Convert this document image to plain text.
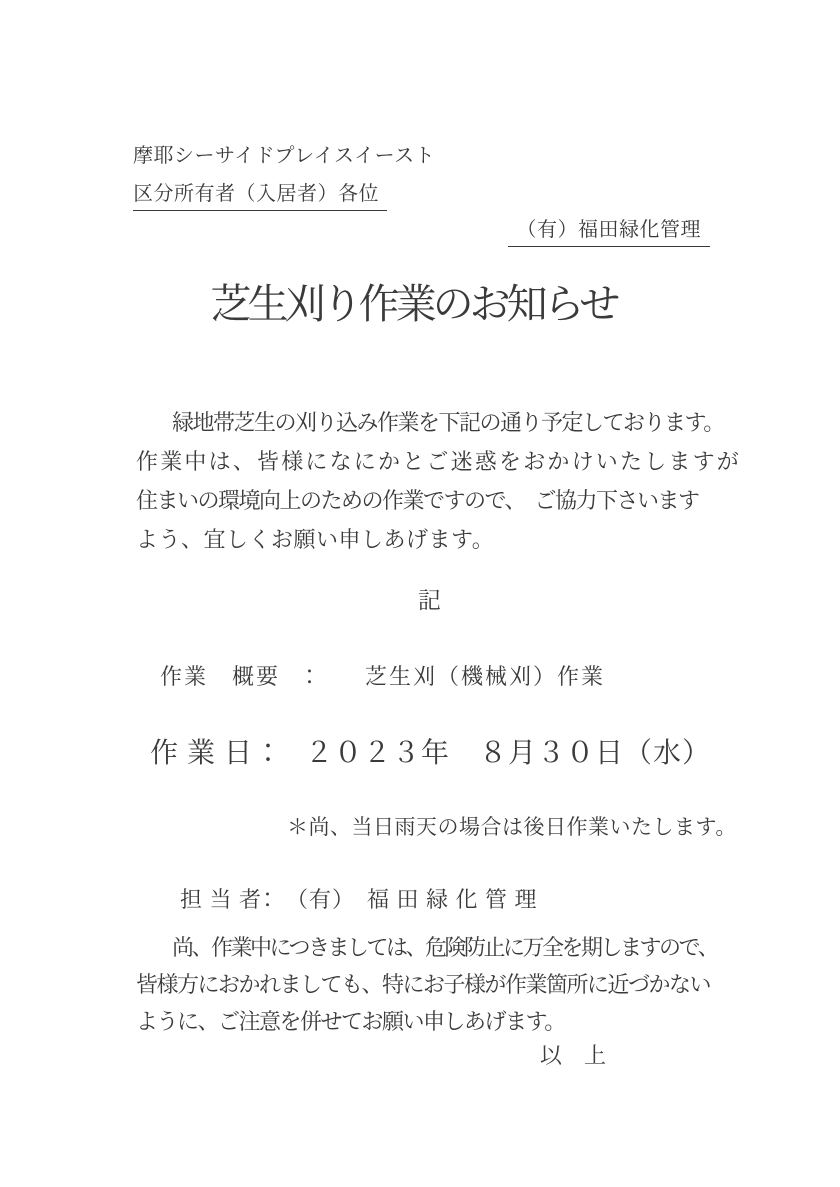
摩耶シーサイドプレイスイースト
区分所有者（入居者）各位
（有）福田緑化管理
芝生刈り作業のお知らせ
緑地帯芝生の刈り込み作業を下記の通り予定しております。
作業中は、皆様になにかとご迷惑をおかけいたしますが
住まいの環境向上のための作業ですので、　ご協力下さいます
よう、宜しくお願い申しあげます。
記
作業　概要　：　　芝生刈（機械刈）作業
作 業 日 ：　２０２３年　８月３０日（水）
＊尚、当日雨天の場合は後日作業いたします。
担 当 者：　（有）　福 田 緑 化 管 理
尚、作業中につきましては、危険防止に万全を期しますので、
皆様方におかれましても、特にお子様が作業箇所に近づかない
ように、ご注意を併せてお願い申しあげます。
以　上
